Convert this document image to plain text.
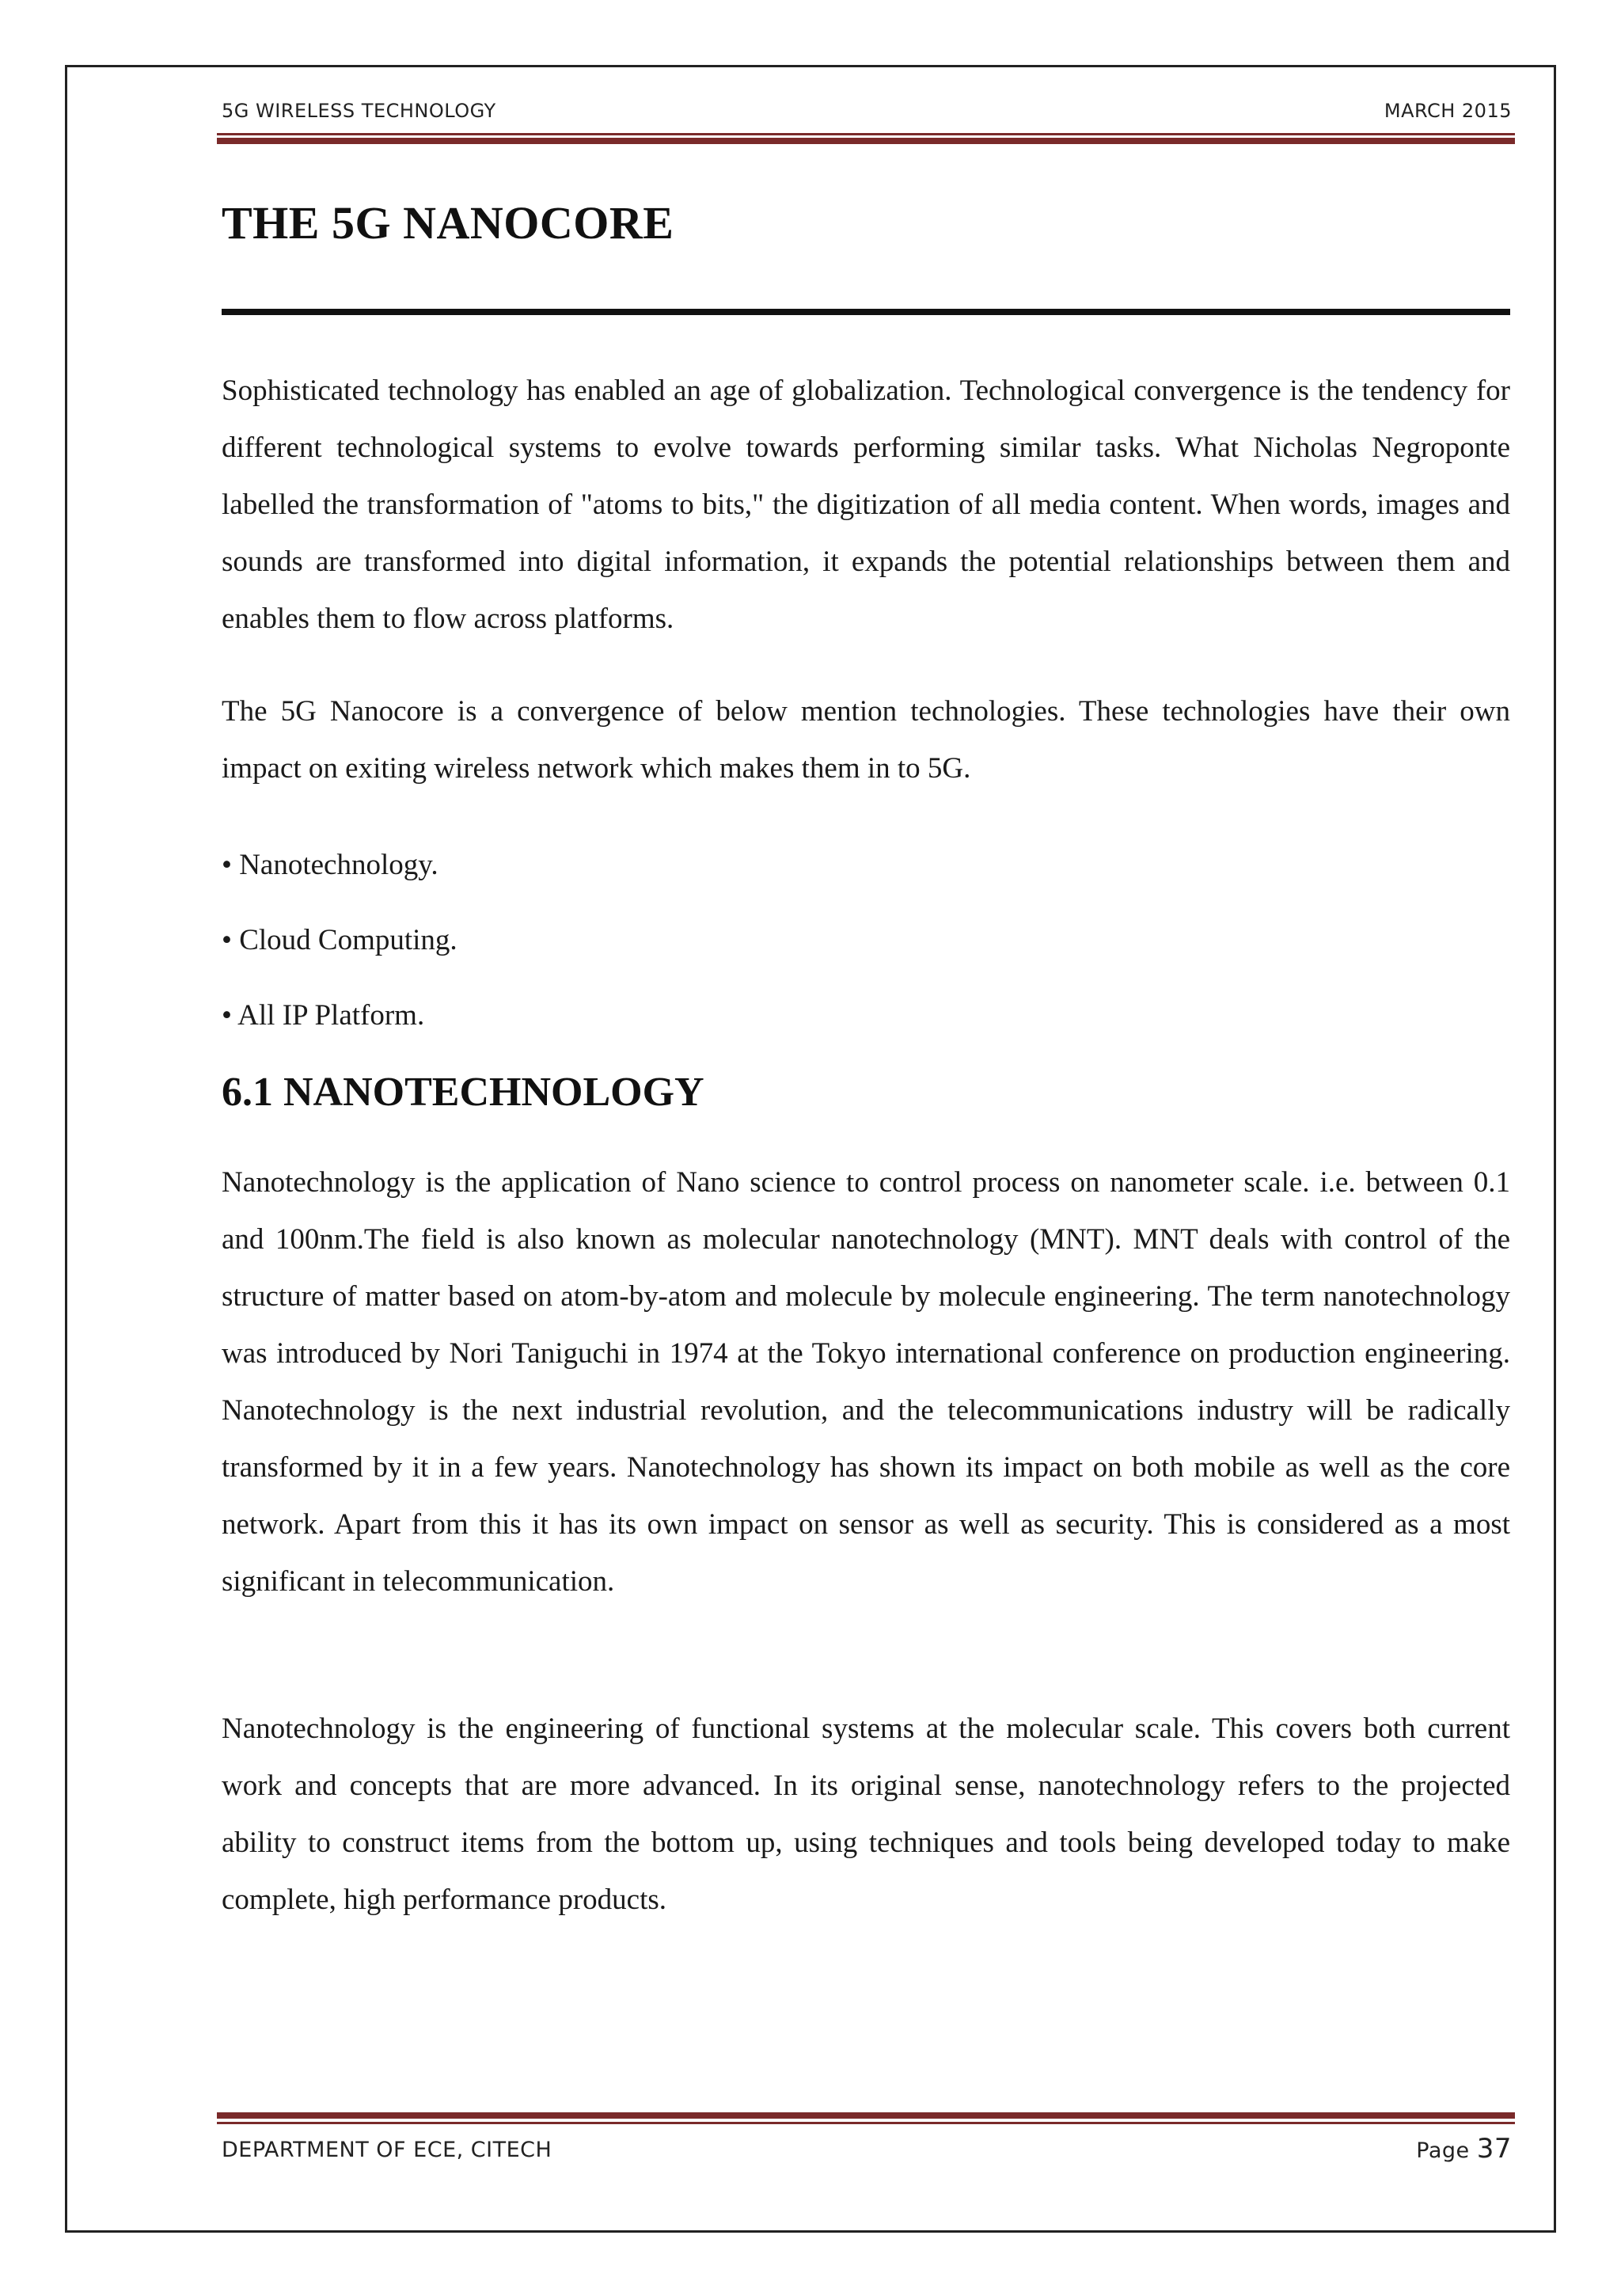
5G WIRELESS TECHNOLOGY	MARCH 2015
THE 5G NANOCORE
Sophisticated technology has enabled an age of globalization. Technological convergence is the tendency for different technological systems to evolve towards performing similar tasks. What Nicholas Negroponte labelled the transformation of "atoms to bits," the digitization of all media content. When words, images and sounds are transformed into digital information, it expands the potential relationships between them and enables them to flow across platforms.
The 5G Nanocore is a convergence of below mention technologies. These technologies have their own impact on exiting wireless network which makes them in to 5G.
• Nanotechnology.
• Cloud Computing.
• All IP Platform.
6.1 NANOTECHNOLOGY
Nanotechnology is the application of Nano science to control process on nanometer scale. i.e. between 0.1 and 100nm.The field is also known as molecular nanotechnology (MNT). MNT deals with control of the structure of matter based on atom-by-atom and molecule by molecule engineering. The term nanotechnology was introduced by Nori Taniguchi in 1974 at the Tokyo international conference on production engineering. Nanotechnology is the next industrial revolution, and the telecommunications industry will be radically transformed by it in a few years. Nanotechnology has shown its impact on both mobile as well as the core network. Apart from this it has its own impact on sensor as well as security. This is considered as a most significant in telecommunication.
Nanotechnology is the engineering of functional systems at the molecular scale. This covers both current work and concepts that are more advanced. In its original sense, nanotechnology refers to the projected ability to construct items from the bottom up, using techniques and tools being developed today to make complete, high performance products.
DEPARTMENT OF ECE, CITECH	Page 37
